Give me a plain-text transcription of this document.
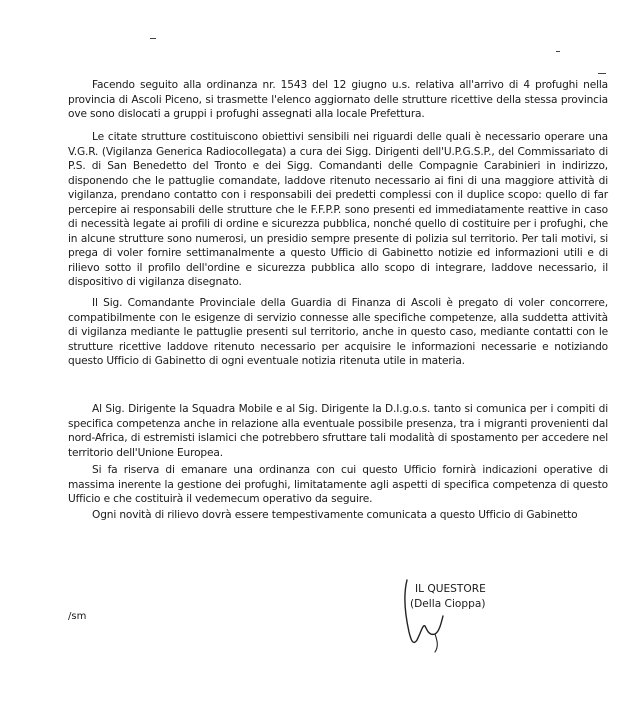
Facendo seguito alla ordinanza nr. 1543 del 12 giugno u.s. relativa all'arrivo di 4 profughi nella provincia di Ascoli Piceno, si trasmette l'elenco aggiornato delle strutture ricettive della stessa provincia ove sono dislocati a gruppi i profughi assegnati alla locale Prefettura.

Le citate strutture costituiscono obiettivi sensibili nei riguardi delle quali è necessario operare una V.G.R. (Vigilanza Generica Radiocollegata) a cura dei Sigg. Dirigenti dell'U.P.G.S.P., del Commissariato di P.S. di San Benedetto del Tronto e dei Sigg. Comandanti delle Compagnie Carabinieri in indirizzo, disponendo che le pattuglie comandate, laddove ritenuto necessario ai fini di una maggiore attività di vigilanza, prendano contatto con i responsabili dei predetti complessi con il duplice scopo: quello di far percepire ai responsabili delle strutture che le F.F.P.P. sono presenti ed immediatamente reattive in caso di necessità legate ai profili di ordine e sicurezza pubblica, nonché quello di costituire per i profughi, che in alcune strutture sono numerosi, un presidio sempre presente di polizia sul territorio. Per tali motivi, si prega di voler fornire settimanalmente a questo Ufficio di Gabinetto notizie ed informazioni utili e di rilievo sotto il profilo dell'ordine e sicurezza pubblica allo scopo di integrare, laddove necessario, il dispositivo di vigilanza disegnato.

Il Sig. Comandante Provinciale della Guardia di Finanza di Ascoli è pregato di voler concorrere, compatibilmente con le esigenze di servizio connesse alle specifiche competenze, alla suddetta attività di vigilanza mediante le pattuglie presenti sul territorio, anche in questo caso, mediante contatti con le strutture ricettive laddove ritenuto necessario per acquisire le informazioni necessarie e notiziando questo Ufficio di Gabinetto di ogni eventuale notizia ritenuta utile in materia.

Al Sig. Dirigente la Squadra Mobile e al Sig. Dirigente la D.I.g.o.s. tanto si comunica per i compiti di specifica competenza anche in relazione alla eventuale possibile presenza, tra i migranti provenienti dal nord-Africa, di estremisti islamici che potrebbero sfruttare tali modalità di spostamento per accedere nel territorio dell'Unione Europea.

Si fa riserva di emanare una ordinanza con cui questo Ufficio fornirà indicazioni operative di massima inerente la gestione dei profughi, limitatamente agli aspetti di specifica competenza di questo Ufficio e che costituirà il vedemecum operativo da seguire.

Ogni novità di rilievo dovrà essere tempestivamente comunicata a questo Ufficio di Gabinetto

IL QUESTORE
(Della Cioppa)
/sm
